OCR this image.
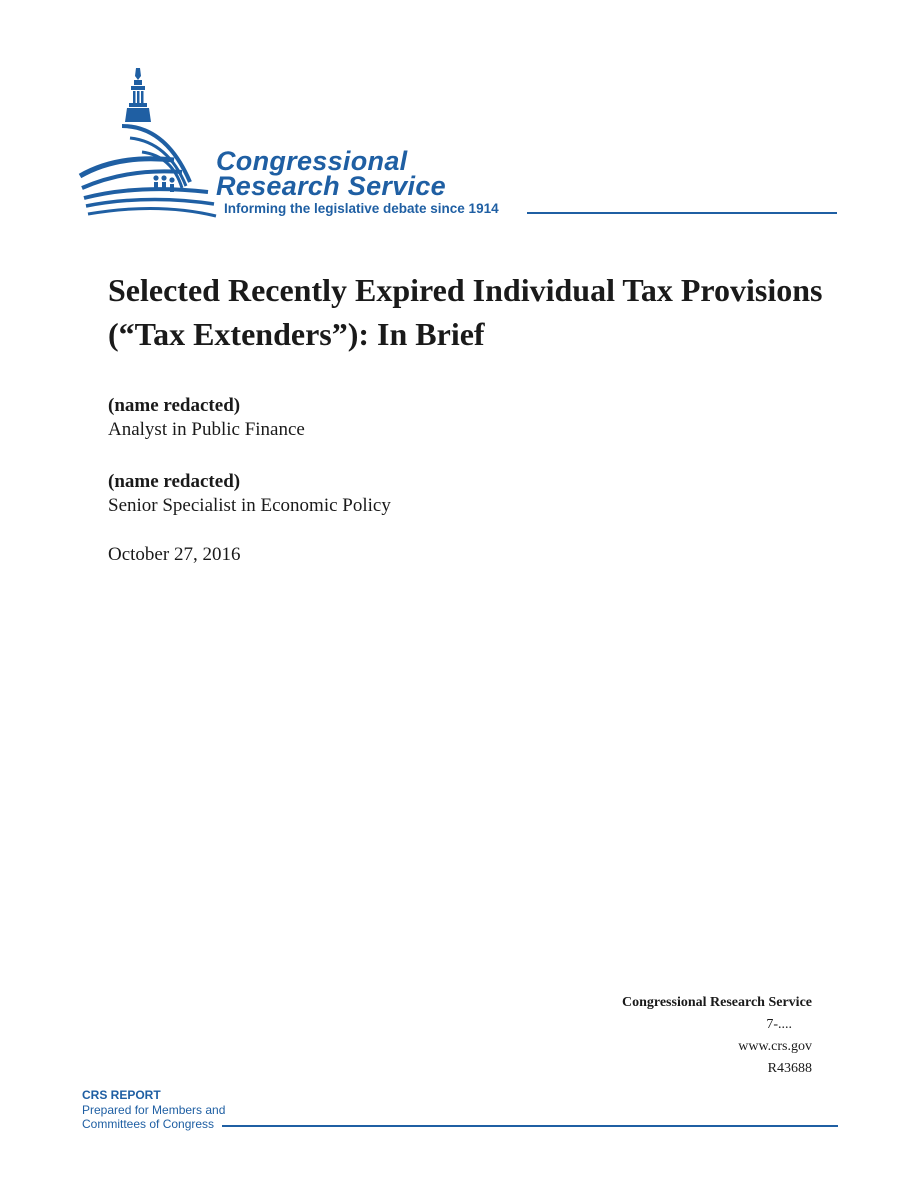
Congressional
Research Service
Informing the legislative debate since 1914
Selected Recently Expired Individual Tax Provisions (“Tax Extenders”): In Brief
(name redacted)
Analyst in Public Finance
(name redacted)
Senior Specialist in Economic Policy
October 27, 2016
Congressional Research Service
7-....
www.crs.gov
R43688
CRS REPORT
Prepared for Members and
Committees of Congress
